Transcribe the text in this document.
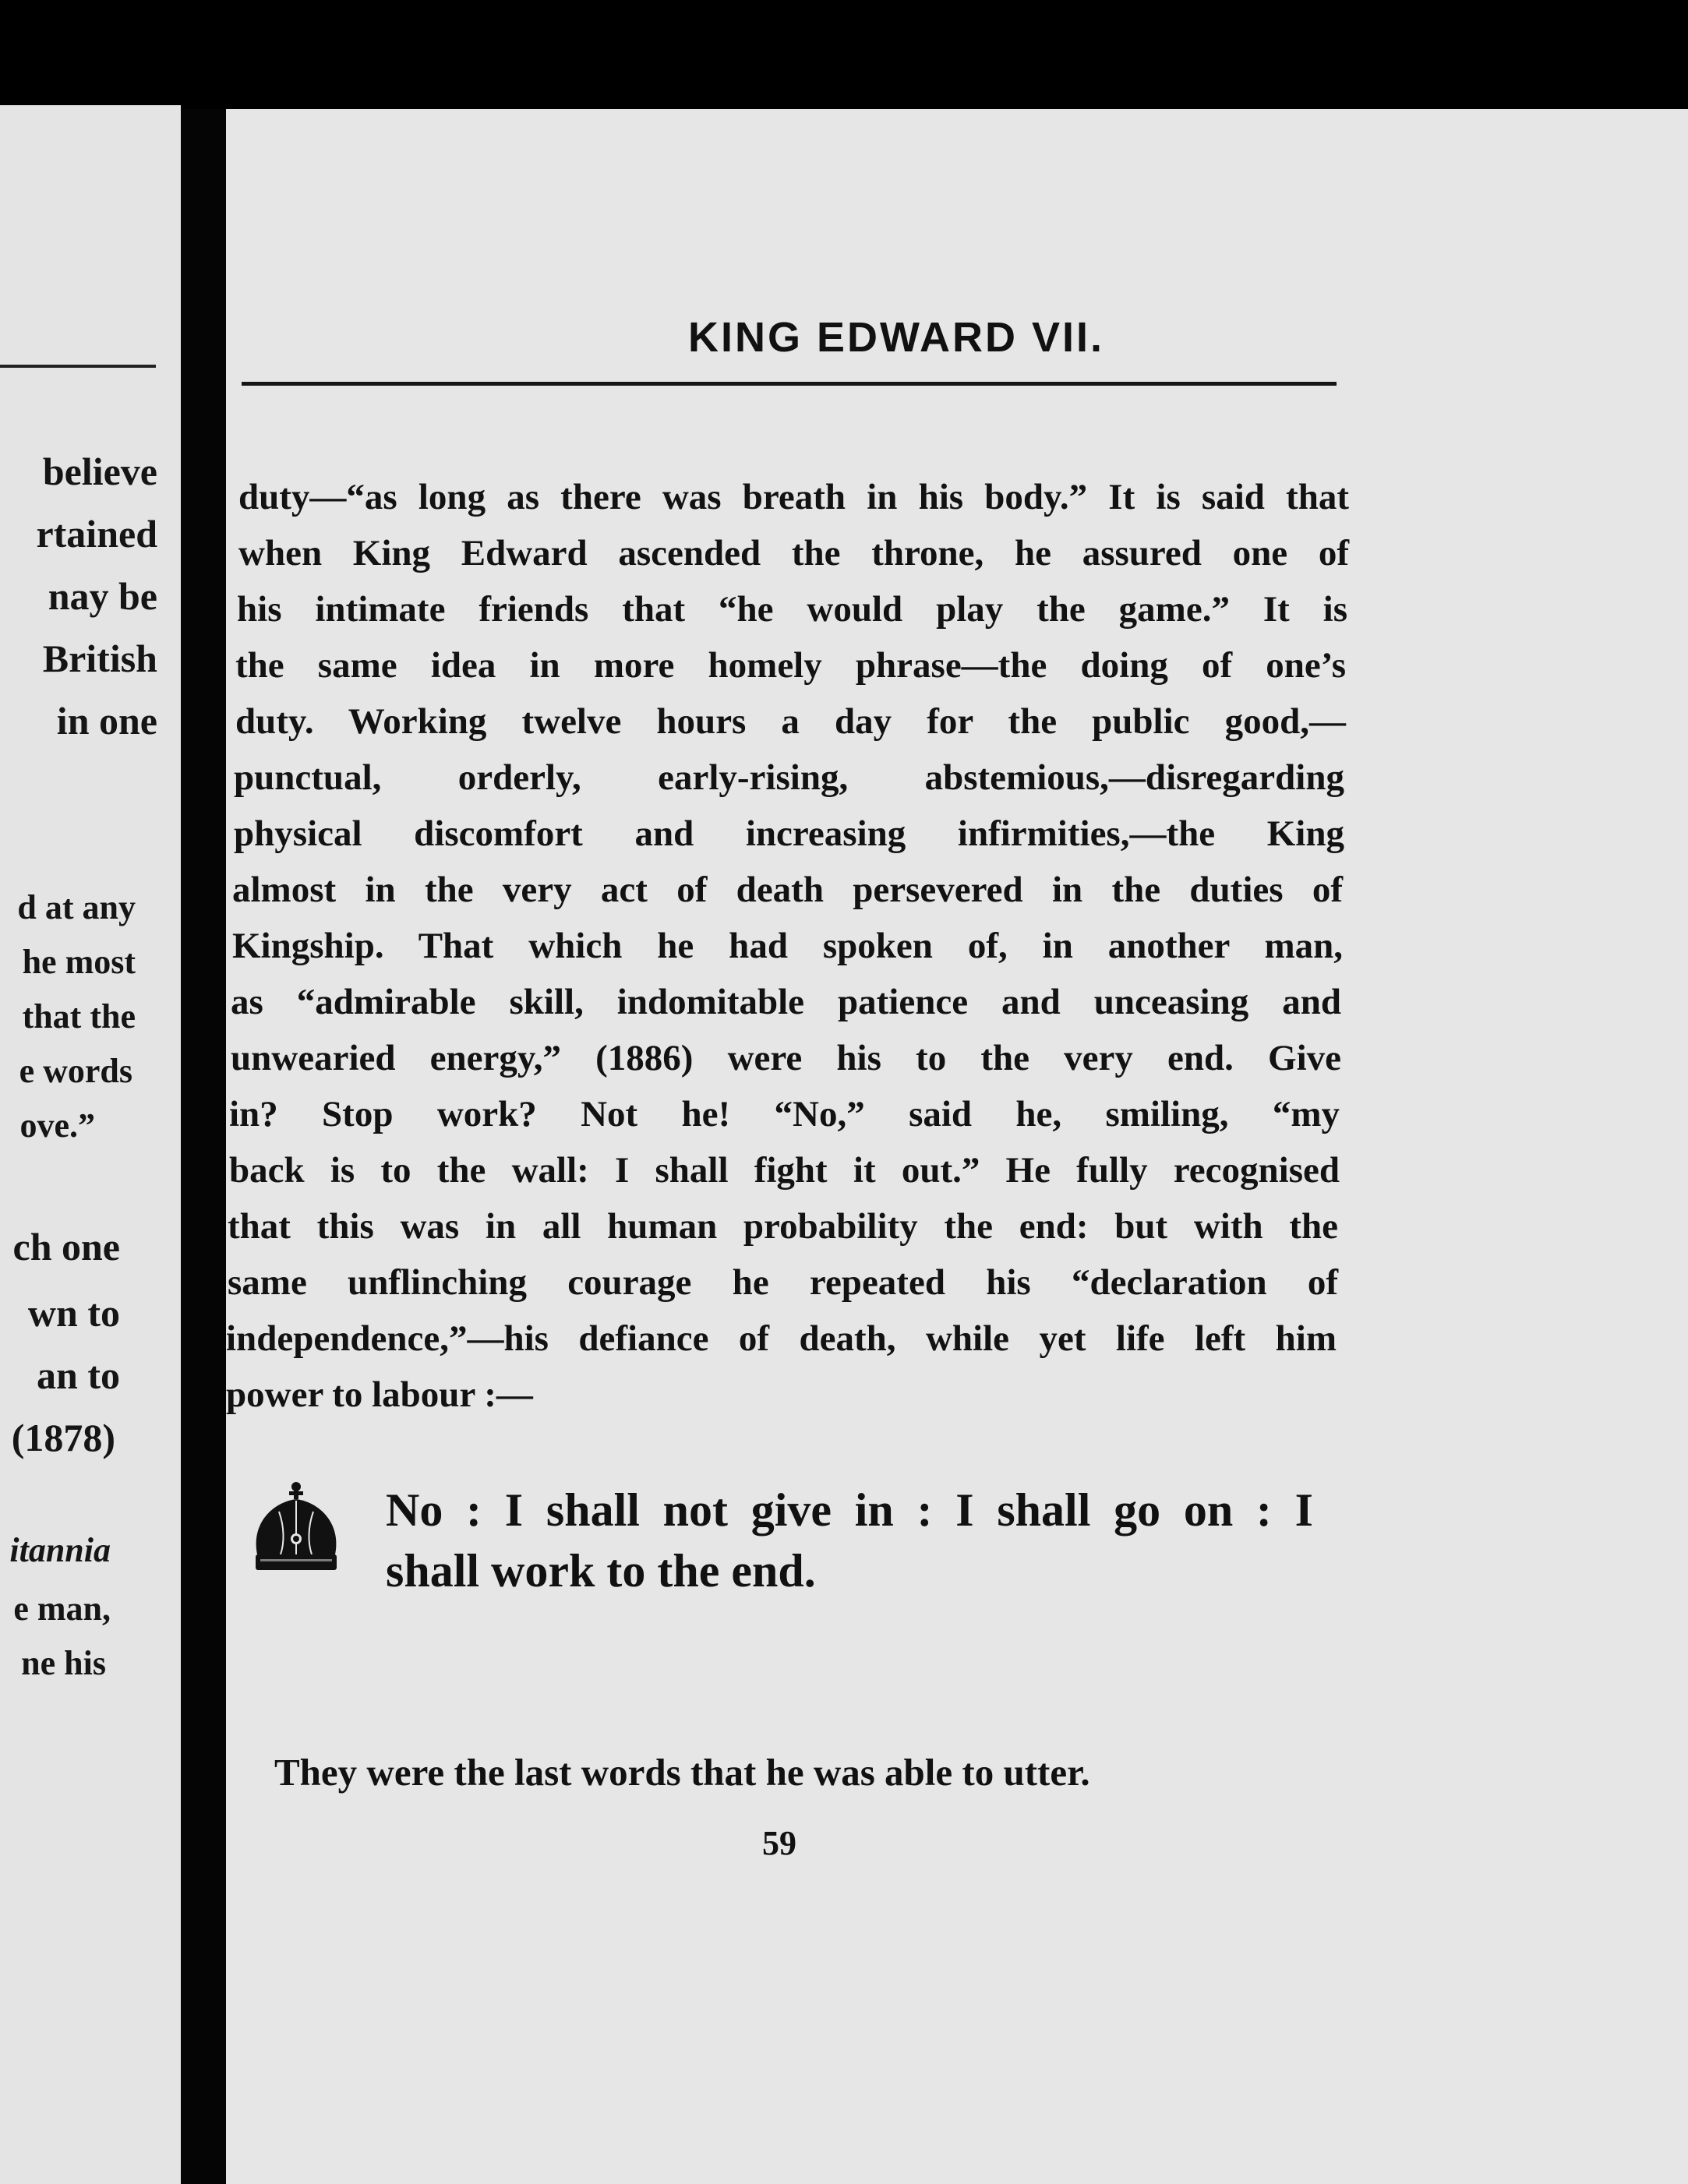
believe
rtained
nay be
British
in one
d at any
he most
that the
e words
ove.”
ch one
wn to
an to
(1878)
itannia
e man,
ne his
KING EDWARD VII.
duty—“as long as there was breath in his body.” It is said that
when King Edward ascended the throne, he assured one of
his intimate friends that “he would play the game.” It is
the same idea in more homely phrase—the doing of one’s
duty. Working twelve hours a day for the public good,—
punctual, orderly, early-rising, abstemious,—disregarding
physical discomfort and increasing infirmities,—the King
almost in the very act of death persevered in the duties of
Kingship. That which he had spoken of, in another man,
as “admirable skill, indomitable patience and unceasing and
unwearied energy,” (1886) were his to the very end. Give
in? Stop work? Not he! “No,” said he, smiling, “my
back is to the wall: I shall fight it out.” He fully recognised
that this was in all human probability the end: but with the
same unflinching courage he repeated his “declaration of
independence,”—his defiance of death, while yet life left him
power to labour :—
No : I shall not give in : I shall go on : I
shall work to the end.
They were the last words that he was able to utter.
59
